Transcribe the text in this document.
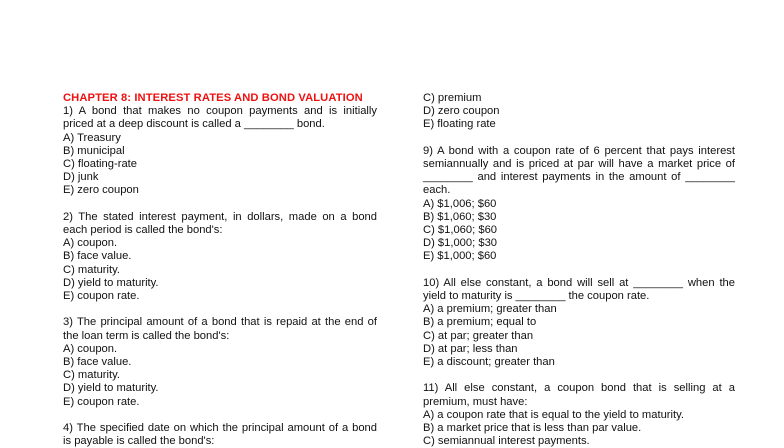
CHAPTER 8: INTEREST RATES AND BOND VALUATION
1) A bond that makes no coupon payments and is initially priced at a deep discount is called a ________ bond.
A) Treasury
B) municipal
C) floating-rate
D) junk
E) zero coupon
2) The stated interest payment, in dollars, made on a bond each period is called the bond's:
A) coupon.
B) face value.
C) maturity.
D) yield to maturity.
E) coupon rate.
3) The principal amount of a bond that is repaid at the end of the loan term is called the bond's:
A) coupon.
B) face value.
C) maturity.
D) yield to maturity.
E) coupon rate.
4) The specified date on which the principal amount of a bond is payable is called the bond's:
C) premium
D) zero coupon
E) floating rate
9) A bond with a coupon rate of 6 percent that pays interest semiannually and is priced at par will have a market price of ________ and interest payments in the amount of ________ each.
A) $1,006; $60
B) $1,060; $30
C) $1,060; $60
D) $1,000; $30
E) $1,000; $60
10) All else constant, a bond will sell at ________ when the yield to maturity is ________ the coupon rate.
A) a premium; greater than
B) a premium; equal to
C) at par; greater than
D) at par; less than
E) a discount; greater than
11) All else constant, a coupon bond that is selling at a premium, must have:
A) a coupon rate that is equal to the yield to maturity.
B) a market price that is less than par value.
C) semiannual interest payments.
